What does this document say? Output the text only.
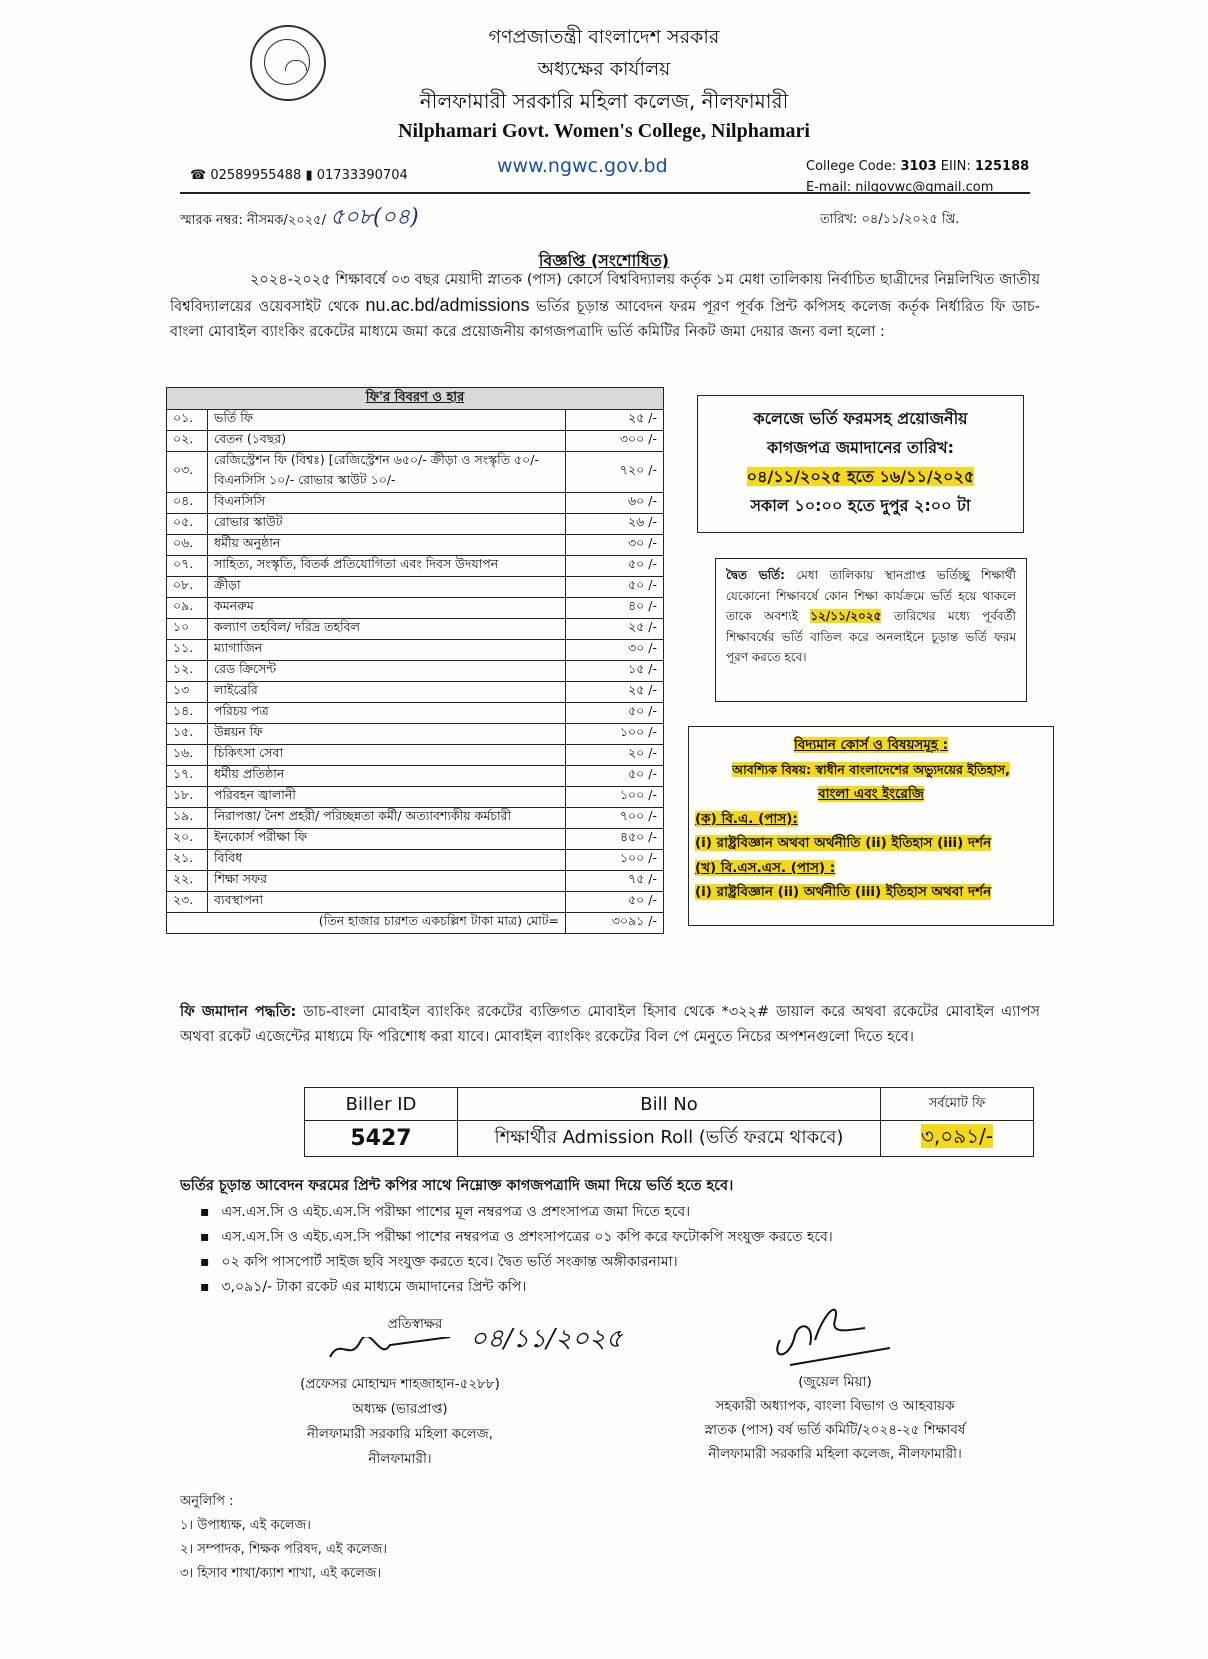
গণপ্রজাতন্ত্রী বাংলাদেশ সরকার
অধ্যক্ষের কার্যালয়
নীলফামারী সরকারি মহিলা কলেজ, নীলফামারী
Nilphamari Govt. Women's College, Nilphamari
☎ 02589955488 ▮ 01733390704	www.ngwc.gov.bd	College Code: 3103 EIIN: 125188
E-mail: nilgovwc@gmail.com
স্মারক নম্বর: নীসমক/২০২৫/ ৫০৮(০৪)	তারিখ: ০৪/১১/২০২৫ খ্রি.
বিজ্ঞপ্তি (সংশোধিত)
২০২৪-২০২৫ শিক্ষাবর্ষে ০৩ বছর মেয়াদী স্নাতক (পাস) কোর্সে বিশ্ববিদ্যালয় কর্তৃক ১ম মেধা তালিকায় নির্বাচিত ছাত্রীদের নিম্নলিখিত জাতীয় বিশ্ববিদ্যালয়ের ওয়েবসাইট থেকে nu.ac.bd/admissions ভর্তির চূড়ান্ত আবেদন ফরম পূরণ পূর্বক প্রিন্ট কপিসহ কলেজ কর্তৃক নির্ধারিত ফি ডাচ-বাংলা মোবাইল ব্যাংকিং রকেটের মাধ্যমে জমা করে প্রয়োজনীয় কাগজপত্রাদি ভর্তি কমিটির নিকট জমা দেয়ার জন্য বলা হলো :
ফি'র বিবরণ ও হার		
০১.	ভর্তি ফি	২৫ /-
০২.	বেতন (১বছর)	৩০০ /-
০৩.	রেজিস্ট্রেশন ফি (বিশ্বঃ) [রেজিস্ট্রেশন ৬৫০/- ক্রীড়া ও সংস্কৃতি ৫০/- বিএনসিসি ১০/- রোভার স্কাউট ১০/-	৭২০ /-
০৪.	বিএনসিসি	৬০ /-
০৫.	রোভার স্কাউট	২৬ /-
০৬.	ধর্মীয় অনুষ্ঠান	৩০ /-
০৭.	সাহিত্য, সংস্কৃতি, বিতর্ক প্রতিযোগিতা এবং দিবস উদযাপন	৫০ /-
০৮.	ক্রীড়া	৫০ /-
০৯.	কমনরুম	৪০ /-
১০	কল্যাণ তহবিল/ দরিদ্র তহবিল	২৫ /-
১১.	ম্যাগাজিন	৩০ /-
১২.	রেড ক্রিসেন্ট	১৫ /-
১৩	লাইব্রেরি	২৫ /-
১৪.	পরিচয় পত্র	৫০ /-
১৫.	উন্নয়ন ফি	১০০ /-
১৬.	চিকিৎসা সেবা	২০ /-
১৭.	ধর্মীয় প্রতিষ্ঠান	৫০ /-
১৮.	পরিবহন জ্বালানী	১০০ /-
১৯.	নিরাপত্তা/ নৈশ প্রহরী/ পরিচ্ছন্নতা কর্মী/ অত্যাবশ্যকীয় কর্মচারী	৭০০ /-
২০.	ইনকোর্স পরীক্ষা ফি	৪৫০ /-
২১.	বিবিধ	১০০ /-
২২.	শিক্ষা সফর	৭৫ /-
২৩.	ব্যবস্থাপনা	৫০ /-
(তিন হাজার চারশত একচল্লিশ টাকা মাত্র) মোট=		৩০৯১ /-
কলেজে ভর্তি ফরমসহ প্রয়োজনীয়
কাগজপত্র জমাদানের তারিখ:
০৪/১১/২০২৫ হতে ১৬/১১/২০২৫
সকাল ১০:০০ হতে দুপুর ২:০০ টা
দ্বৈত ভর্তি: মেধা তালিকায় স্থানপ্রাপ্ত ভর্তিচ্ছু শিক্ষার্থী যেকোনো শিক্ষাবর্ষে কোন শিক্ষা কার্যক্রমে ভর্তি হয়ে থাকলে তাকে অবশ্যই ১২/১১/২০২৫ তারিখের মধ্যে পূর্ববর্তী শিক্ষাবর্ষের ভর্তি বাতিল করে অনলাইনে চূড়ান্ত ভর্তি ফরম পূরণ করতে হবে।
বিদ্যমান কোর্স ও বিষয়সমূহ :
আবশ্যিক বিষয়: স্বাধীন বাংলাদেশের অভ্যুদয়ের ইতিহাস,
বাংলা এবং ইংরেজি
(ক) বি.এ. (পাস):
(i) রাষ্ট্রবিজ্ঞান অথবা অর্থনীতি (ii) ইতিহাস (iii) দর্শন
(খ) বি.এস.এস. (পাস) :
(i) রাষ্ট্রবিজ্ঞান (ii) অর্থনীতি (iii) ইতিহাস অথবা দর্শন
ফি জমাদান পদ্ধতি: ডাচ-বাংলা মোবাইল ব্যাংকিং রকেটের ব্যক্তিগত মোবাইল হিসাব থেকে *৩২২# ডায়াল করে অথবা রকেটের মোবাইল এ্যাপস অথবা রকেট এজেন্টের মাধ্যমে ফি পরিশোধ করা যাবে। মোবাইল ব্যাংকিং রকেটের বিল পে মেনুতে নিচের অপশনগুলো দিতে হবে।
Biller ID	Bill No	সর্বমোট ফি
5427	শিক্ষার্থীর Admission Roll (ভর্তি ফরমে থাকবে)	৩,০৯১/-
ভর্তির চূড়ান্ত আবেদন ফরমের প্রিন্ট কপির সাথে নিম্নোক্ত কাগজপত্রাদি জমা দিয়ে ভর্তি হতে হবে।
▪ এস.এস.সি ও এইচ.এস.সি পরীক্ষা পাশের মূল নম্বরপত্র ও প্রশংসাপত্র জমা দিতে হবে।
▪ এস.এস.সি ও এইচ.এস.সি পরীক্ষা পাশের নম্বরপত্র ও প্রশংসাপত্রের ০১ কপি করে ফটোকপি সংযুক্ত করতে হবে।
▪ ০২ কপি পাসপোর্ট সাইজ ছবি সংযুক্ত করতে হবে। দ্বৈত ভর্তি সংক্রান্ত অঙ্গীকারনামা।
▪ ৩,০৯১/- টাকা রকেট এর মাধ্যমে জমাদানের প্রিন্ট কপি।
প্রতিস্বাক্ষর
(প্রফেসর মোহাম্মদ শাহজাহান-৫২৮৮)
অধ্যক্ষ (ভারপ্রাপ্ত)
নীলফামারী সরকারি মহিলা কলেজ,
নীলফামারী।
০৪/১১/২০২৫
(জুয়েল মিয়া)
সহকারী অধ্যাপক, বাংলা বিভাগ ও আহবায়ক
স্নাতক (পাস) বর্ষ ভর্তি কমিটি/২০২৪-২৫ শিক্ষাবর্ষ
নীলফামারী সরকারি মহিলা কলেজ, নীলফামারী।
অনুলিপি :
১। উপাধ্যক্ষ, এই কলেজ।
২। সম্পাদক, শিক্ষক পরিষদ, এই কলেজ।
৩। হিসাব শাখা/ক্যাশ শাখা, এই কলেজ।
